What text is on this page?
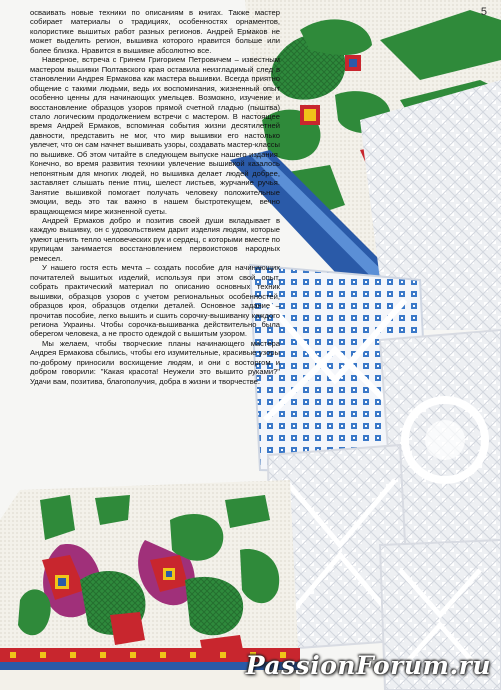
5

осваивать новые техники по описаниям в книгах. Также мастер собирает материалы о традициях, особенностях орнаментов, колористике вышитых работ разных регионов. Андрей Ермаков не может выделить регион, вышивка которого нравится больше или более близка. Нравится в вышивке абсолютно все.

Наверное, встреча с Гринем Григорием Петровичем – известным мастером вышивки Полтавского края оставила неизгладимый след в становлении Андрея Ермакова как мастера вышивки. Всегда приятно общение с такими людьми, ведь их воспоминания, жизненный опыт особенно ценны для начинающих умельцев. Возможно, изучение и восстановление образцов узоров прямой счетной гладью (пыштва) стало логическим продолжением встречи с мастером. В настоящее время Андрей Ермаков, вспоминая события жизни десятилетней давности, представить не мог, что мир вышивки его настолько увлечет, что он сам начнет вышивать узоры, создавать мастер-классы по вышивке. Об этом читайте в следующем выпуске нашего издания. Конечно, во время развития техники увлечение вышивкой казалось непонятным для многих людей, но вышивка делает людей добрее, заставляет слышать пение птиц, шелест листьев, журчание ручья. Занятие вышивкой помогает получать человеку положительные эмоции, ведь это так важно в нашем быстротекущем, вечно вращающемся мире жизненной суеты.

Андрей Ермаков добро и позитив своей души вкладывает в каждую вышивку, он с удовольствием дарит изделия людям, которые умеют ценить тепло человеческих рук и сердец, с которыми вместе по крупицам занимается восстановлением первоистоков народных ремесел.

У нашего гостя есть мечта – создать пособие для начинающих почитателей вышитых изделий, используя при этом свой опыт, собрать практический материал по описанию основных техник вышивки, образцов узоров с учетом региональных особенностей, образцов кроя, образцов отделки деталей. Основное задание – прочитав пособие, легко вышить и сшить сорочку-вышиванку каждого региона Украины. Чтобы сорочка-вышиванка действительно была оберегом человека, а не просто одеждой с вышитым узором.

Мы желаем, чтобы творческие планы начинающего мастера Андрея Ермакова сбылись, чтобы его изумительные, красивые узоры по-доброму приносили восхищение людям, и они с восторгом и добром говорили: "Какая красота! Неужели это вышито руками?" Удачи вам, позитива, благополучия, добра в жизни и творчестве.

PassionForum.ru
